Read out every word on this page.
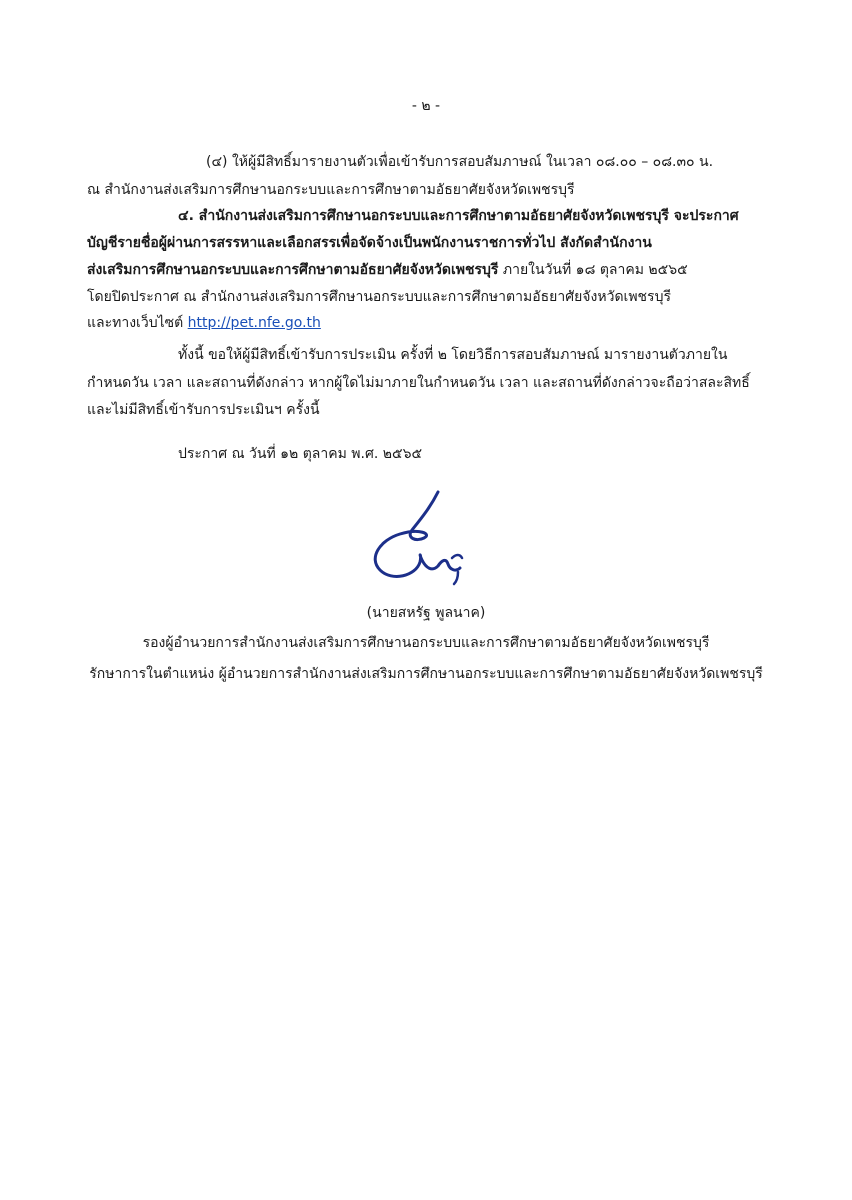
- ๒ -
(๔) ให้ผู้มีสิทธิ์มารายงานตัวเพื่อเข้ารับการสอบสัมภาษณ์ ในเวลา ๐๘.๐๐ – ๐๘.๓๐ น.
ณ สำนักงานส่งเสริมการศึกษานอกระบบและการศึกษาตามอัธยาศัยจังหวัดเพชรบุรี
๔. สำนักงานส่งเสริมการศึกษานอกระบบและการศึกษาตามอัธยาศัยจังหวัดเพชรบุรี จะประกาศ
บัญชีรายชื่อผู้ผ่านการสรรหาและเลือกสรรเพื่อจัดจ้างเป็นพนักงานราชการทั่วไป สังกัดสำนักงาน
ส่งเสริมการศึกษานอกระบบและการศึกษาตามอัธยาศัยจังหวัดเพชรบุรี ภายในวันที่ ๑๘ ตุลาคม ๒๕๖๕
โดยปิดประกาศ ณ สำนักงานส่งเสริมการศึกษานอกระบบและการศึกษาตามอัธยาศัยจังหวัดเพชรบุรี
และทางเว็บไซต์ http://pet.nfe.go.th
ทั้งนี้ ขอให้ผู้มีสิทธิ์เข้ารับการประเมิน ครั้งที่ ๒ โดยวิธีการสอบสัมภาษณ์ มารายงานตัวภายใน
กำหนดวัน เวลา และสถานที่ดังกล่าว หากผู้ใดไม่มาภายในกำหนดวัน เวลา และสถานที่ดังกล่าวจะถือว่าสละสิทธิ์
และไม่มีสิทธิ์เข้ารับการประเมินฯ ครั้งนี้
ประกาศ ณ วันที่ ๑๒ ตุลาคม พ.ศ. ๒๕๖๕
(นายสหรัฐ พูลนาค)
รองผู้อำนวยการสำนักงานส่งเสริมการศึกษานอกระบบและการศึกษาตามอัธยาศัยจังหวัดเพชรบุรี
รักษาการในตำแหน่ง ผู้อำนวยการสำนักงานส่งเสริมการศึกษานอกระบบและการศึกษาตามอัธยาศัยจังหวัดเพชรบุรี
